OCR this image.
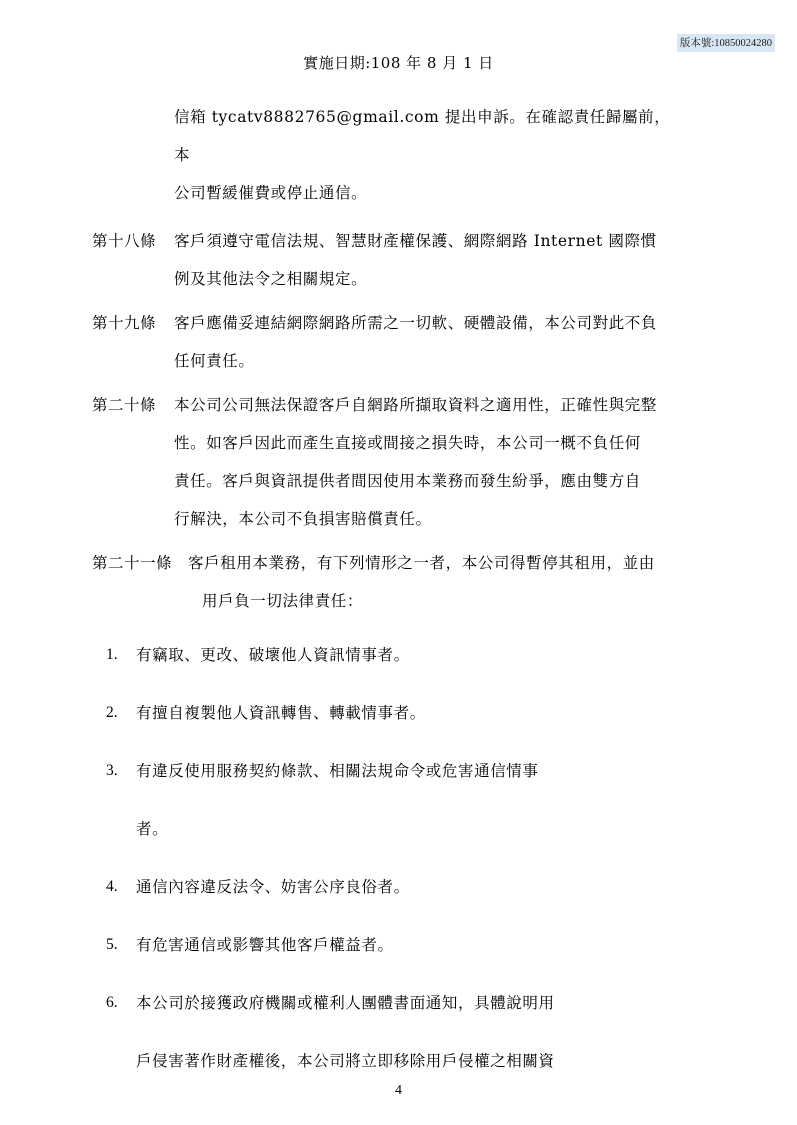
版本號:10850024280
實施日期:108 年 8 月 1 日
信箱 tycatv8882765@gmail.com 提出申訴。在確認責任歸屬前，本
公司暫緩催費或停止通信。
第十八條	客戶須遵守電信法規、智慧財產權保護、網際網路 Internet 國際慣
例及其他法令之相關規定。
第十九條	客戶應備妥連結網際網路所需之一切軟、硬體設備，本公司對此不負
任何責任。
第二十條	本公司公司無法保證客戶自網路所擷取資料之適用性，正確性與完整
性。如客戶因此而產生直接或間接之損失時，本公司一概不負任何
責任。客戶與資訊提供者間因使用本業務而發生紛爭，應由雙方自
行解決，本公司不負損害賠償責任。
第二十一條	客戶租用本業務，有下列情形之一者，本公司得暫停其租用，並由
用戶負一切法律責任：
1.	有竊取、更改、破壞他人資訊情事者。
2.	有擅自複製他人資訊轉售、轉載情事者。
3.	有違反使用服務契約條款、相關法規命令或危害通信情事
者。
4.	通信內容違反法令、妨害公序良俗者。
5.	有危害通信或影響其他客戶權益者。
6.	本公司於接獲政府機關或權利人團體書面通知，具體說明用
戶侵害著作財產權後，本公司將立即移除用戶侵權之相關資
4
